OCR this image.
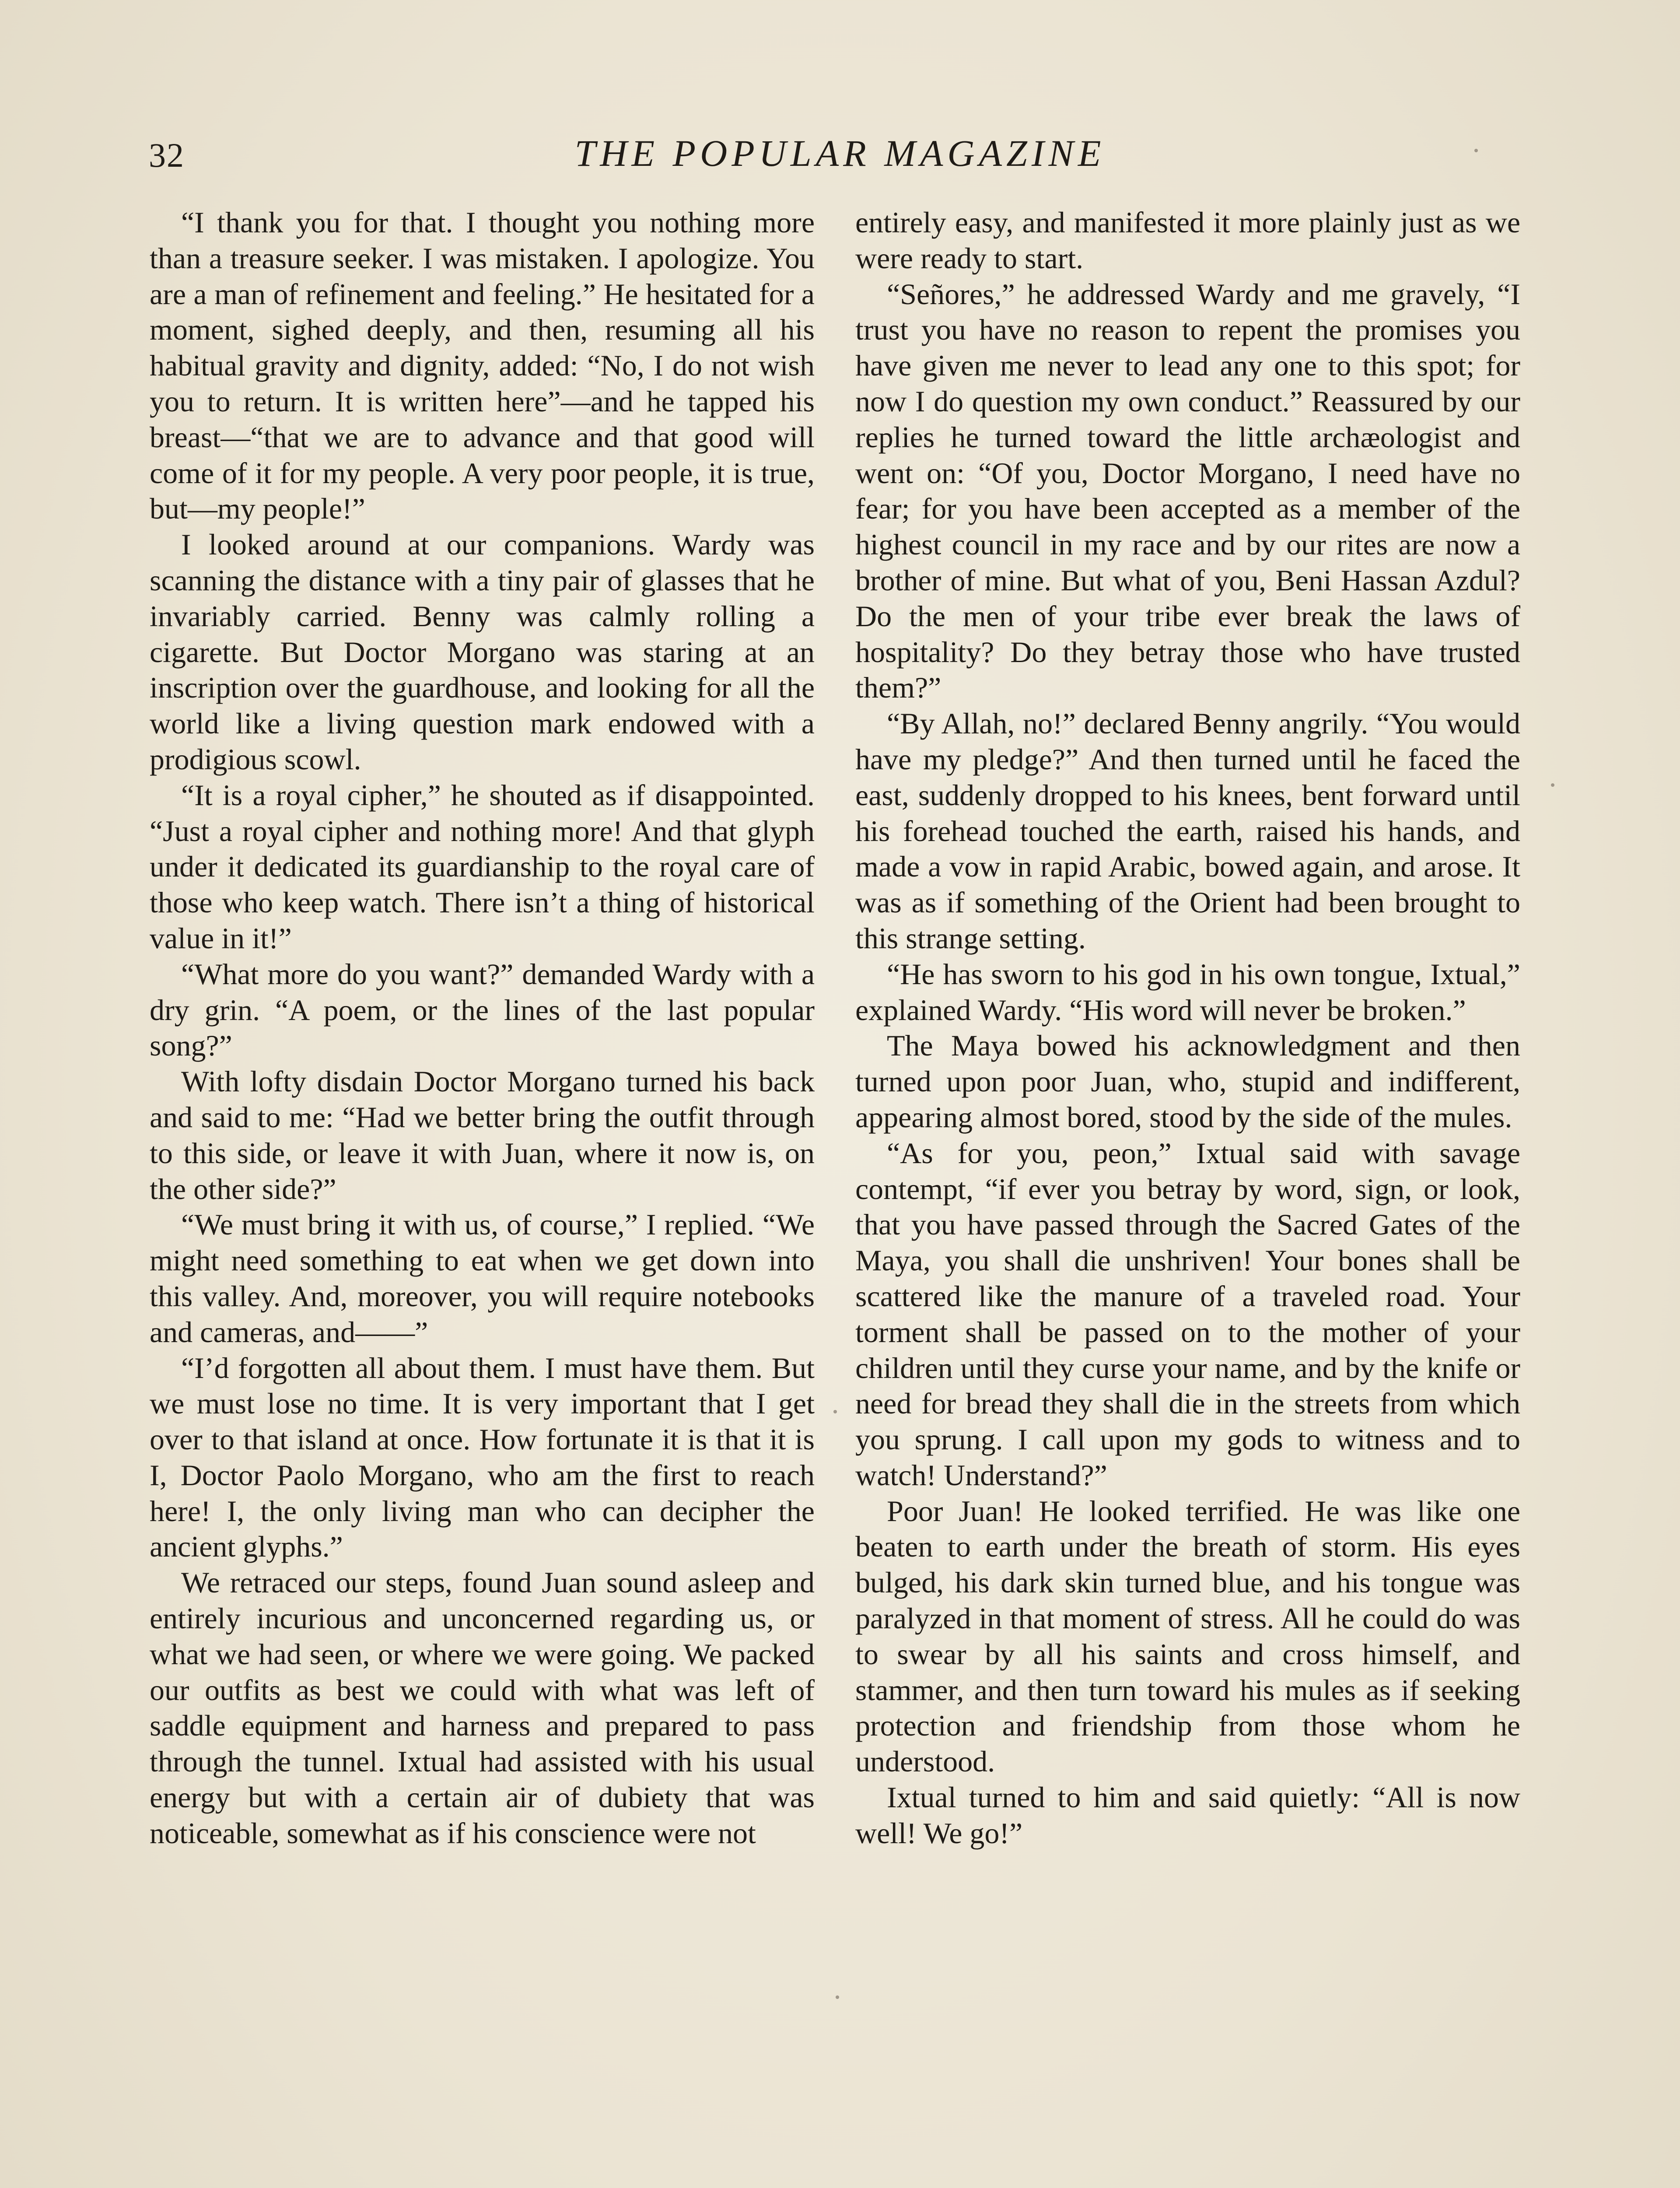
32	THE POPULAR MAGAZINE

“I thank you for that. I thought you nothing more than a treasure seeker. I was mistaken. I apologize. You are a man of refinement and feeling.” He hesitated for a moment, sighed deeply, and then, resuming all his habitual gravity and dignity, added: “No, I do not wish you to return. It is written here”—and he tapped his breast—“that we are to advance and that good will come of it for my people. A very poor people, it is true, but—my people!”

I looked around at our companions. Wardy was scanning the distance with a tiny pair of glasses that he invariably carried. Benny was calmly rolling a cigarette. But Doctor Morgano was staring at an inscription over the guardhouse, and looking for all the world like a living question mark endowed with a prodigious scowl.

“It is a royal cipher,” he shouted as if disappointed. “Just a royal cipher and nothing more! And that glyph under it dedicated its guardianship to the royal care of those who keep watch. There isn’t a thing of historical value in it!”

“What more do you want?” demanded Wardy with a dry grin. “A poem, or the lines of the last popular song?”

With lofty disdain Doctor Morgano turned his back and said to me: “Had we better bring the outfit through to this side, or leave it with Juan, where it now is, on the other side?”

“We must bring it with us, of course,” I replied. “We might need something to eat when we get down into this valley. And, moreover, you will require notebooks and cameras, and——”

“I’d forgotten all about them. I must have them. But we must lose no time. It is very important that I get over to that island at once. How fortunate it is that it is I, Doctor Paolo Morgano, who am the first to reach here! I, the only living man who can decipher the ancient glyphs.”

We retraced our steps, found Juan sound asleep and entirely incurious and unconcerned regarding us, or what we had seen, or where we were going. We packed our outfits as best we could with what was left of saddle equipment and harness and prepared to pass through the tunnel. Ixtual had assisted with his usual energy but with a certain air of dubiety that was noticeable, somewhat as if his conscience were not

entirely easy, and manifested it more plainly just as we were ready to start.

“Señores,” he addressed Wardy and me gravely, “I trust you have no reason to repent the promises you have given me never to lead any one to this spot; for now I do question my own conduct.” Reassured by our replies he turned toward the little archæologist and went on: “Of you, Doctor Morgano, I need have no fear; for you have been accepted as a member of the highest council in my race and by our rites are now a brother of mine. But what of you, Beni Hassan Azdul? Do the men of your tribe ever break the laws of hospitality? Do they betray those who have trusted them?”

“By Allah, no!” declared Benny angrily. “You would have my pledge?” And then turned until he faced the east, suddenly dropped to his knees, bent forward until his forehead touched the earth, raised his hands, and made a vow in rapid Arabic, bowed again, and arose. It was as if something of the Orient had been brought to this strange setting.

“He has sworn to his god in his own tongue, Ixtual,” explained Wardy. “His word will never be broken.”

The Maya bowed his acknowledgment and then turned upon poor Juan, who, stupid and indifferent, appearing almost bored, stood by the side of the mules.

“As for you, peon,” Ixtual said with savage contempt, “if ever you betray by word, sign, or look, that you have passed through the Sacred Gates of the Maya, you shall die unshriven! Your bones shall be scattered like the manure of a traveled road. Your torment shall be passed on to the mother of your children until they curse your name, and by the knife or need for bread they shall die in the streets from which you sprung. I call upon my gods to witness and to watch! Understand?”

Poor Juan! He looked terrified. He was like one beaten to earth under the breath of storm. His eyes bulged, his dark skin turned blue, and his tongue was paralyzed in that moment of stress. All he could do was to swear by all his saints and cross himself, and stammer, and then turn toward his mules as if seeking protection and friendship from those whom he understood.

Ixtual turned to him and said quietly: “All is now well! We go!”
